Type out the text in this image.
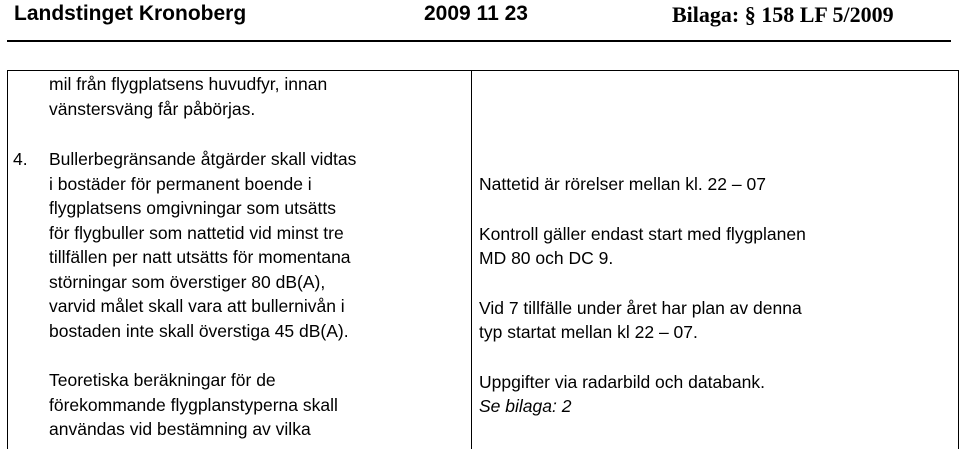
Landstinget Kronoberg	2009 11 23	Bilaga: § 158 LF 5/2009

mil från flygplatsens huvudfyr, innan

vänstersväng får påbörjas.

4. Bullerbegränsande åtgärder skall vidtas

i bostäder för permanent boende i

flygplatsens omgivningar som utsätts

för flygbuller som nattetid vid minst tre

tillfällen per natt utsätts för momentana

störningar som överstiger 80 dB(A),

varvid målet skall vara att bullernivån i

bostaden inte skall överstiga 45 dB(A).

Teoretiska beräkningar för de

förekommande flygplanstyperna skall

användas vid bestämning av vilka

Nattetid är rörelser mellan kl. 22 – 07

Kontroll gäller endast start med flygplanen

MD 80 och DC 9.

Vid 7 tillfälle under året har plan av denna

typ startat mellan kl 22 – 07.

Uppgifter via radarbild och databank.

Se bilaga: 2
